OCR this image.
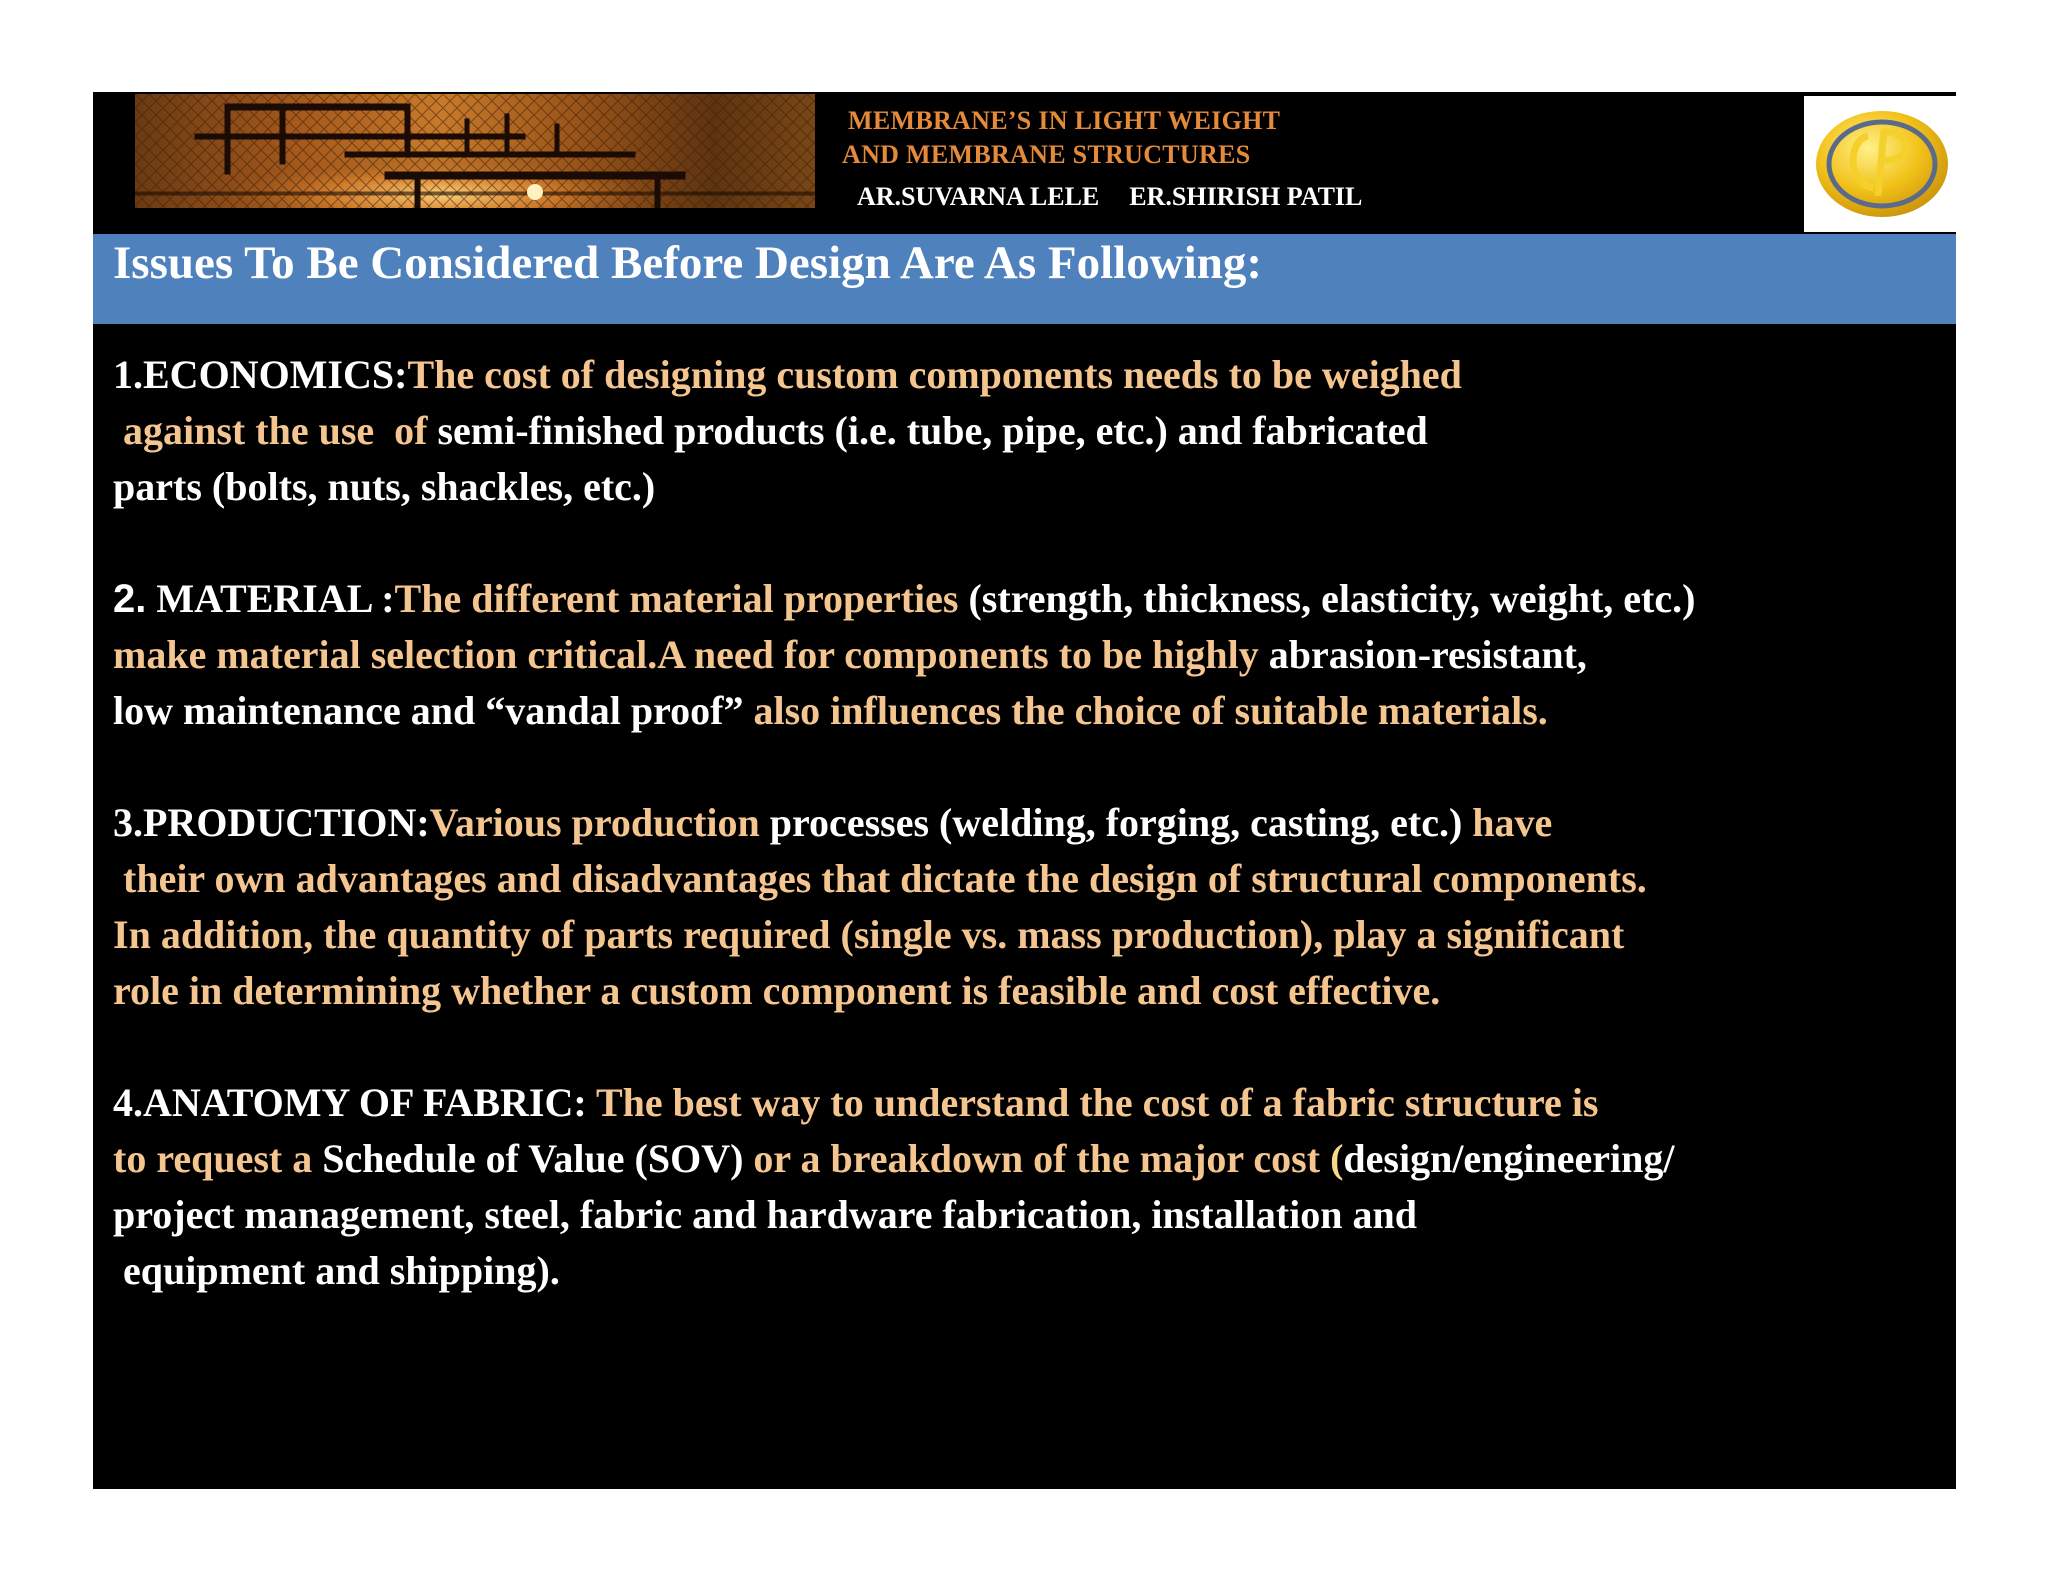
MEMBRANE’S IN LIGHT WEIGHT
AND MEMBRANE STRUCTURES
AR.SUVARNA LELE ER.SHIRISH PATIL
Issues To Be Considered Before Design Are As Following:
1.ECONOMICS:The cost of designing custom components needs to be weighed
against the use  of semi-finished products (i.e. tube, pipe, etc.) and fabricated
parts (bolts, nuts, shackles, etc.)
2. MATERIAL :The different material properties (strength, thickness, elasticity, weight, etc.)
make material selection critical.A need for components to be highly abrasion-resistant,
low maintenance and “vandal proof” also influences the choice of suitable materials.
3.PRODUCTION:Various production processes (welding, forging, casting, etc.) have
their own advantages and disadvantages that dictate the design of structural components.
In addition, the quantity of parts required (single vs. mass production), play a significant
role in determining whether a custom component is feasible and cost effective.
4.ANATOMY OF FABRIC: The best way to understand the cost of a fabric structure is
to request a Schedule of Value (SOV) or a breakdown of the major cost (design/engineering/
project management, steel, fabric and hardware fabrication, installation and
equipment and shipping).
